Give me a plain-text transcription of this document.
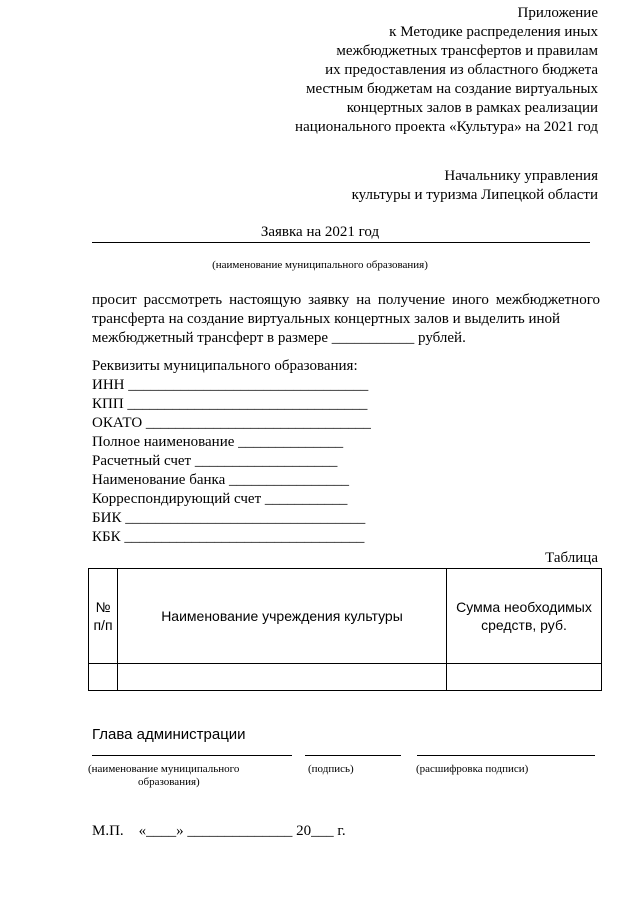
Приложение
к Методике распределения иных
межбюджетных трансфертов и правилам
их предоставления из областного бюджета
местным бюджетам на создание виртуальных
концертных залов в рамках реализации
национального проекта «Культура» на 2021 год
Начальнику управления
культуры и туризма Липецкой области
Заявка на 2021 год
(наименование муниципального образования)
просит рассмотреть настоящую заявку на получение иного межбюджетного трансферта на создание виртуальных концертных залов и выделить иной
межбюджетный трансферт в размере ___________ рублей.
Реквизиты муниципального образования:
ИНН ________________________________
КПП ________________________________
ОКАТО ______________________________
Полное наименование ______________
Расчетный счет ___________________
Наименование банка ________________
Корреспондирующий счет ___________
БИК ________________________________
КБК ________________________________
Таблица
№ п/п	Наименование учреждения культуры	Сумма необходимых средств, руб.

Глава администрации
(наименование муниципального
образования)
(подпись)	(расшифровка подписи)
М.П.    «____» ______________ 20___ г.
